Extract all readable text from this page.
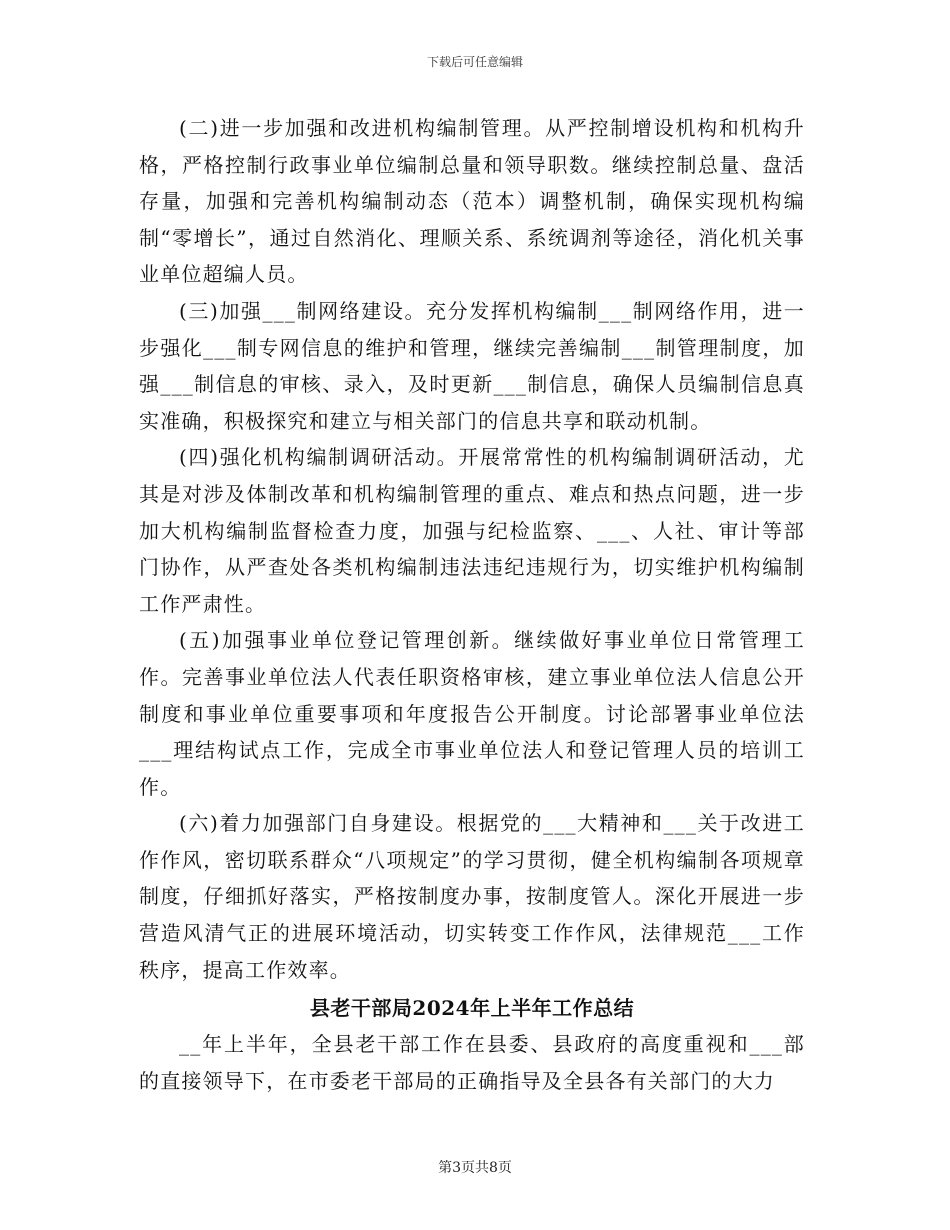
下载后可任意编辑

(二)进一步加强和改进机构编制管理。从严控制增设机构和机构升格，严格控制行政事业单位编制总量和领导职数。继续控制总量、盘活存量，加强和完善机构编制动态（范本）调整机制，确保实现机构编制“零增长”，通过自然消化、理顺关系、系统调剂等途径，消化机关事业单位超编人员。

(三)加强___制网络建设。充分发挥机构编制___制网络作用，进一步强化___制专网信息的维护和管理，继续完善编制___制管理制度，加强___制信息的审核、录入，及时更新___制信息，确保人员编制信息真实准确，积极探究和建立与相关部门的信息共享和联动机制。

(四)强化机构编制调研活动。开展常常性的机构编制调研活动，尤其是对涉及体制改革和机构编制管理的重点、难点和热点问题，进一步加大机构编制监督检查力度，加强与纪检监察、___、人社、审计等部门协作，从严查处各类机构编制违法违纪违规行为，切实维护机构编制工作严肃性。

(五)加强事业单位登记管理创新。继续做好事业单位日常管理工作。完善事业单位法人代表任职资格审核，建立事业单位法人信息公开制度和事业单位重要事项和年度报告公开制度。讨论部署事业单位法___理结构试点工作，完成全市事业单位法人和登记管理人员的培训工作。

(六)着力加强部门自身建设。根据党的___大精神和___关于改进工作作风，密切联系群众“八项规定”的学习贯彻，健全机构编制各项规章制度，仔细抓好落实，严格按制度办事，按制度管人。深化开展进一步营造风清气正的进展环境活动，切实转变工作作风，法律规范___工作秩序，提高工作效率。

县老干部局2024年上半年工作总结

__年上半年，全县老干部工作在县委、县政府的高度重视和___部的直接领导下，在市委老干部局的正确指导及全县各有关部门的大力

第3页共8页
